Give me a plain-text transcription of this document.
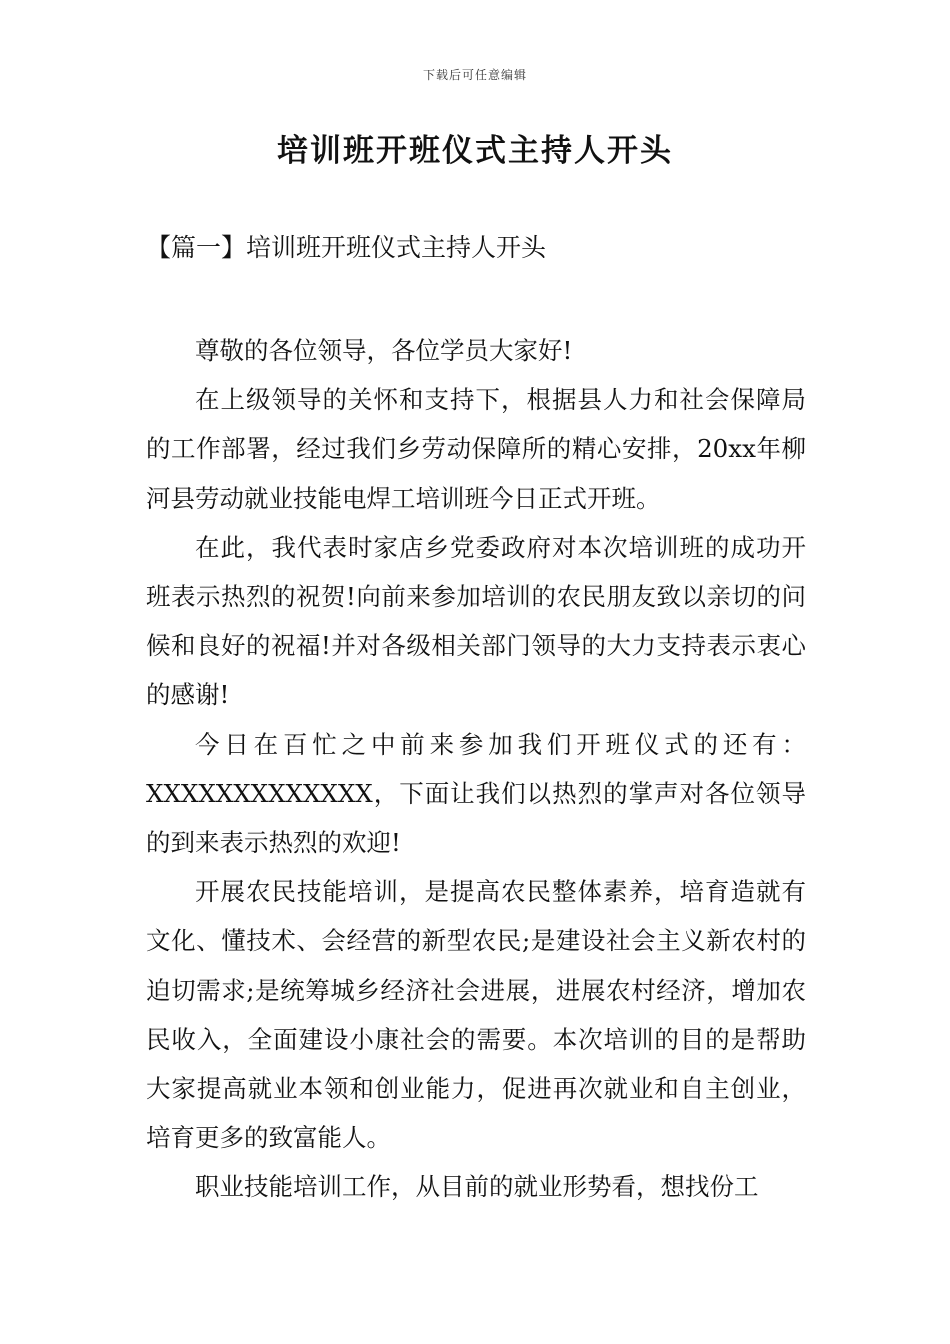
下载后可任意编辑
培训班开班仪式主持人开头
【篇一】培训班开班仪式主持人开头

尊敬的各位领导，各位学员大家好!

在上级领导的关怀和支持下，根据县人力和社会保障局的工作部署，经过我们乡劳动保障所的精心安排，20xx年柳河县劳动就业技能电焊工培训班今日正式开班。

在此，我代表时家店乡党委政府对本次培训班的成功开班表示热烈的祝贺!向前来参加培训的农民朋友致以亲切的问候和良好的祝福!并对各级相关部门领导的大力支持表示衷心的感谢!

今日在百忙之中前来参加我们开班仪式的还有：XXXXXXXXXXXXX，下面让我们以热烈的掌声对各位领导的到来表示热烈的欢迎!

开展农民技能培训，是提高农民整体素养，培育造就有文化、懂技术、会经营的新型农民;是建设社会主义新农村的迫切需求;是统筹城乡经济社会进展，进展农村经济，增加农民收入，全面建设小康社会的需要。本次培训的目的是帮助大家提高就业本领和创业能力，促进再次就业和自主创业，培育更多的致富能人。

职业技能培训工作，从目前的就业形势看，想找份工
